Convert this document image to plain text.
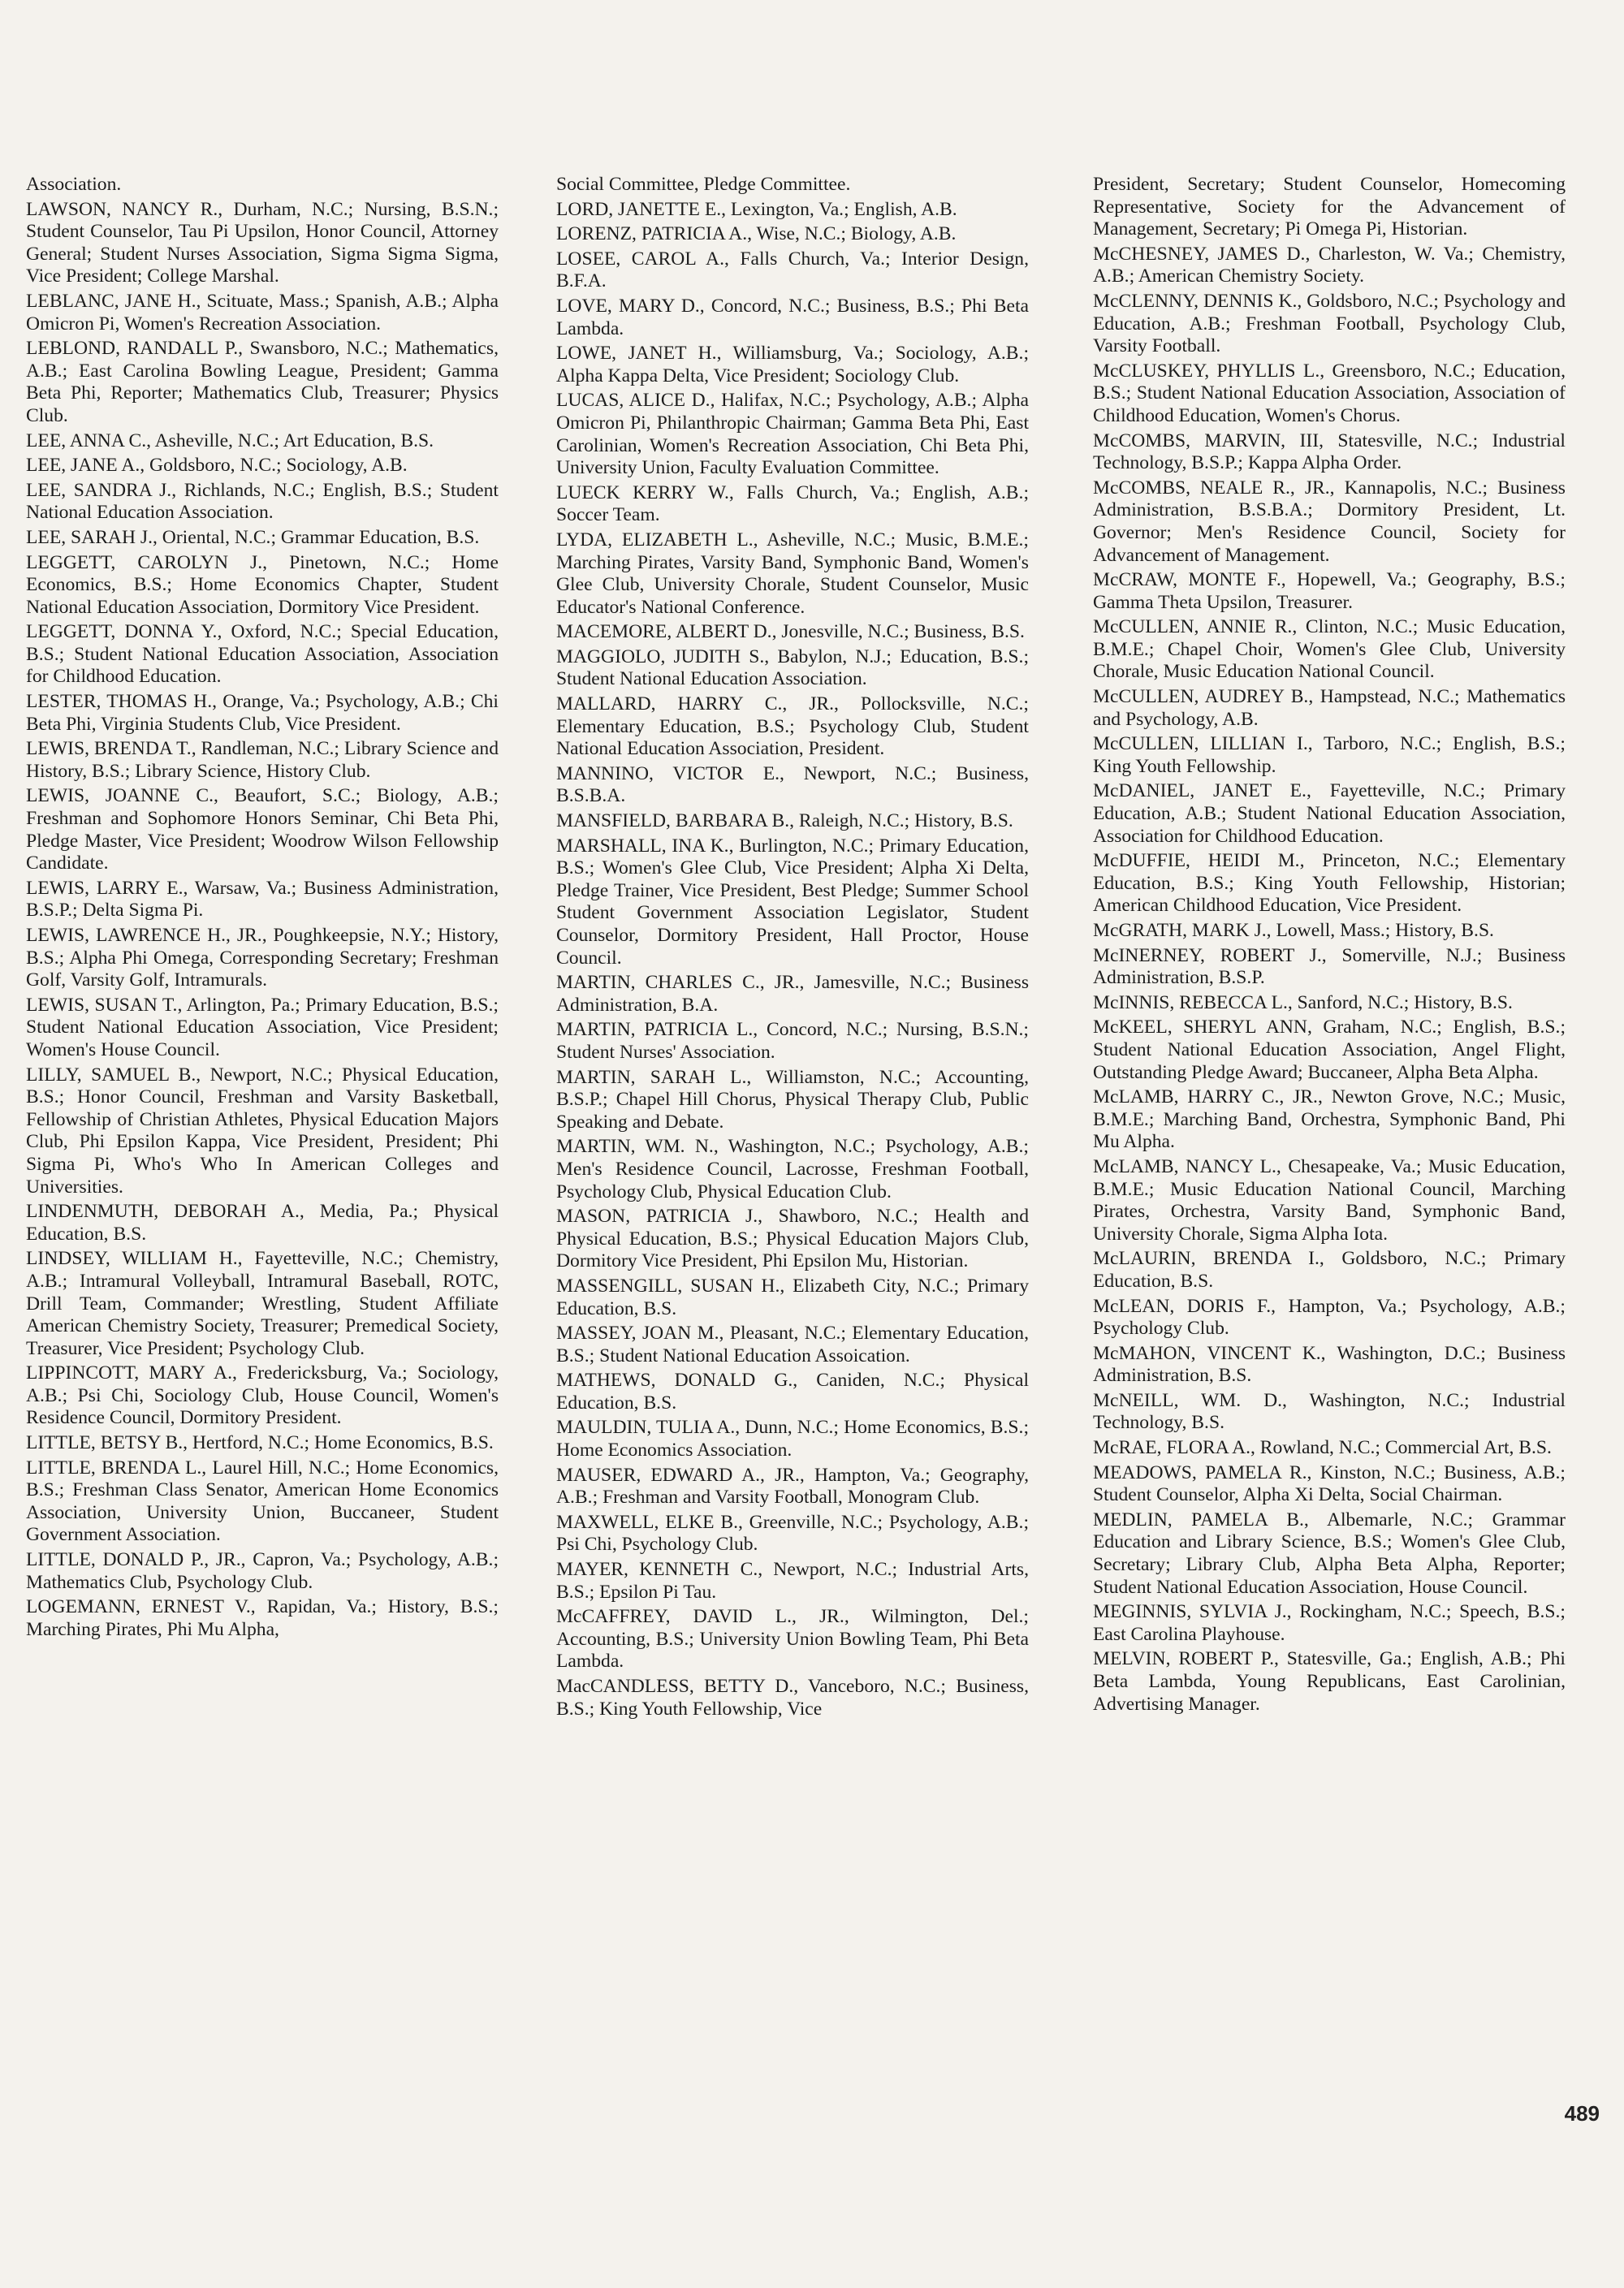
Association.

LAWSON, NANCY R., Durham, N.C.; Nursing, B.S.N.; Student Counselor, Tau Pi Upsilon, Honor Council, Attorney General; Student Nurses Association, Sigma Sigma Sigma, Vice President; College Marshal.

LEBLANC, JANE H., Scituate, Mass.; Spanish, A.B.; Alpha Omicron Pi, Women's Recreation Association.

LEBLOND, RANDALL P., Swansboro, N.C.; Mathematics, A.B.; East Carolina Bowling League, President; Gamma Beta Phi, Reporter; Mathematics Club, Treasurer; Physics Club.

LEE, ANNA C., Asheville, N.C.; Art Education, B.S.

LEE, JANE A., Goldsboro, N.C.; Sociology, A.B.

LEE, SANDRA J., Richlands, N.C.; English, B.S.; Student National Education Association.

LEE, SARAH J., Oriental, N.C.; Grammar Education, B.S.

LEGGETT, CAROLYN J., Pinetown, N.C.; Home Economics, B.S.; Home Economics Chapter, Student National Education Association, Dormitory Vice President.

LEGGETT, DONNA Y., Oxford, N.C.; Special Education, B.S.; Student National Education Association, Association for Childhood Education.

LESTER, THOMAS H., Orange, Va.; Psychology, A.B.; Chi Beta Phi, Virginia Students Club, Vice President.

LEWIS, BRENDA T., Randleman, N.C.; Library Science and History, B.S.; Library Science, History Club.

LEWIS, JOANNE C., Beaufort, S.C.; Biology, A.B.; Freshman and Sophomore Honors Seminar, Chi Beta Phi, Pledge Master, Vice President; Woodrow Wilson Fellowship Candidate.

LEWIS, LARRY E., Warsaw, Va.; Business Administration, B.S.P.; Delta Sigma Pi.

LEWIS, LAWRENCE H., JR., Poughkeepsie, N.Y.; History, B.S.; Alpha Phi Omega, Corresponding Secretary; Freshman Golf, Varsity Golf, Intramurals.

LEWIS, SUSAN T., Arlington, Pa.; Primary Education, B.S.; Student National Education Association, Vice President; Women's House Council.

LILLY, SAMUEL B., Newport, N.C.; Physical Education, B.S.; Honor Council, Freshman and Varsity Basketball, Fellowship of Christian Athletes, Physical Education Majors Club, Phi Epsilon Kappa, Vice President, President; Phi Sigma Pi, Who's Who In American Colleges and Universities.

LINDENMUTH, DEBORAH A., Media, Pa.; Physical Education, B.S.

LINDSEY, WILLIAM H., Fayetteville, N.C.; Chemistry, A.B.; Intramural Volleyball, Intramural Baseball, ROTC, Drill Team, Commander; Wrestling, Student Affiliate American Chemistry Society, Treasurer; Premedical Society, Treasurer, Vice President; Psychology Club.

LIPPINCOTT, MARY A., Fredericksburg, Va.; Sociology, A.B.; Psi Chi, Sociology Club, House Council, Women's Residence Council, Dormitory President.

LITTLE, BETSY B., Hertford, N.C.; Home Economics, B.S.

LITTLE, BRENDA L., Laurel Hill, N.C.; Home Economics, B.S.; Freshman Class Senator, American Home Economics Association, University Union, Buccaneer, Student Government Association.

LITTLE, DONALD P., JR., Capron, Va.; Psychology, A.B.; Mathematics Club, Psychology Club.

LOGEMANN, ERNEST V., Rapidan, Va.; History, B.S.; Marching Pirates, Phi Mu Alpha,

Social Committee, Pledge Committee.

LORD, JANETTE E., Lexington, Va.; English, A.B.

LORENZ, PATRICIA A., Wise, N.C.; Biology, A.B.

LOSEE, CAROL A., Falls Church, Va.; Interior Design, B.F.A.

LOVE, MARY D., Concord, N.C.; Business, B.S.; Phi Beta Lambda.

LOWE, JANET H., Williamsburg, Va.; Sociology, A.B.; Alpha Kappa Delta, Vice President; Sociology Club.

LUCAS, ALICE D., Halifax, N.C.; Psychology, A.B.; Alpha Omicron Pi, Philanthropic Chairman; Gamma Beta Phi, East Carolinian, Women's Recreation Association, Chi Beta Phi, University Union, Faculty Evaluation Committee.

LUECK KERRY W., Falls Church, Va.; English, A.B.; Soccer Team.

LYDA, ELIZABETH L., Asheville, N.C.; Music, B.M.E.; Marching Pirates, Varsity Band, Symphonic Band, Women's Glee Club, University Chorale, Student Counselor, Music Educator's National Conference.

MACEMORE, ALBERT D., Jonesville, N.C.; Business, B.S.

MAGGIOLO, JUDITH S., Babylon, N.J.; Education, B.S.; Student National Education Association.

MALLARD, HARRY C., JR., Pollocksville, N.C.; Elementary Education, B.S.; Psychology Club, Student National Education Association, President.

MANNINO, VICTOR E., Newport, N.C.; Business, B.S.B.A.

MANSFIELD, BARBARA B., Raleigh, N.C.; History, B.S.

MARSHALL, INA K., Burlington, N.C.; Primary Education, B.S.; Women's Glee Club, Vice President; Alpha Xi Delta, Pledge Trainer, Vice President, Best Pledge; Summer School Student Government Association Legislator, Student Counselor, Dormitory President, Hall Proctor, House Council.

MARTIN, CHARLES C., JR., Jamesville, N.C.; Business Administration, B.A.

MARTIN, PATRICIA L., Concord, N.C.; Nursing, B.S.N.; Student Nurses' Association.

MARTIN, SARAH L., Williamston, N.C.; Accounting, B.S.P.; Chapel Hill Chorus, Physical Therapy Club, Public Speaking and Debate.

MARTIN, WM. N., Washington, N.C.; Psychology, A.B.; Men's Residence Council, Lacrosse, Freshman Football, Psychology Club, Physical Education Club.

MASON, PATRICIA J., Shawboro, N.C.; Health and Physical Education, B.S.; Physical Education Majors Club, Dormitory Vice President, Phi Epsilon Mu, Historian.

MASSENGILL, SUSAN H., Elizabeth City, N.C.; Primary Education, B.S.

MASSEY, JOAN M., Pleasant, N.C.; Elementary Education, B.S.; Student National Education Assoication.

MATHEWS, DONALD G., Caniden, N.C.; Physical Education, B.S.

MAULDIN, TULIA A., Dunn, N.C.; Home Economics, B.S.; Home Economics Association.

MAUSER, EDWARD A., JR., Hampton, Va.; Geography, A.B.; Freshman and Varsity Football, Monogram Club.

MAXWELL, ELKE B., Greenville, N.C.; Psychology, A.B.; Psi Chi, Psychology Club.

MAYER, KENNETH C., Newport, N.C.; Industrial Arts, B.S.; Epsilon Pi Tau.

McCAFFREY, DAVID L., JR., Wilmington, Del.; Accounting, B.S.; University Union Bowling Team, Phi Beta Lambda.

MacCANDLESS, BETTY D., Vanceboro, N.C.; Business, B.S.; King Youth Fellowship, Vice

President, Secretary; Student Counselor, Homecoming Representative, Society for the Advancement of Management, Secretary; Pi Omega Pi, Historian.

McCHESNEY, JAMES D., Charleston, W. Va.; Chemistry, A.B.; American Chemistry Society.

McCLENNY, DENNIS K., Goldsboro, N.C.; Psychology and Education, A.B.; Freshman Football, Psychology Club, Varsity Football.

McCLUSKEY, PHYLLIS L., Greensboro, N.C.; Education, B.S.; Student National Education Association, Association of Childhood Education, Women's Chorus.

McCOMBS, MARVIN, III, Statesville, N.C.; Industrial Technology, B.S.P.; Kappa Alpha Order.

McCOMBS, NEALE R., JR., Kannapolis, N.C.; Business Administration, B.S.B.A.; Dormitory President, Lt. Governor; Men's Residence Council, Society for Advancement of Management.

McCRAW, MONTE F., Hopewell, Va.; Geography, B.S.; Gamma Theta Upsilon, Treasurer.

McCULLEN, ANNIE R., Clinton, N.C.; Music Education, B.M.E.; Chapel Choir, Women's Glee Club, University Chorale, Music Education National Council.

McCULLEN, AUDREY B., Hampstead, N.C.; Mathematics and Psychology, A.B.

McCULLEN, LILLIAN I., Tarboro, N.C.; English, B.S.; King Youth Fellowship.

McDANIEL, JANET E., Fayetteville, N.C.; Primary Education, A.B.; Student National Education Association, Association for Childhood Education.

McDUFFIE, HEIDI M., Princeton, N.C.; Elementary Education, B.S.; King Youth Fellowship, Historian; American Childhood Education, Vice President.

McGRATH, MARK J., Lowell, Mass.; History, B.S.

McINERNEY, ROBERT J., Somerville, N.J.; Business Administration, B.S.P.

McINNIS, REBECCA L., Sanford, N.C.; History, B.S.

McKEEL, SHERYL ANN, Graham, N.C.; English, B.S.; Student National Education Association, Angel Flight, Outstanding Pledge Award; Buccaneer, Alpha Beta Alpha.

McLAMB, HARRY C., JR., Newton Grove, N.C.; Music, B.M.E.; Marching Band, Orchestra, Symphonic Band, Phi Mu Alpha.

McLAMB, NANCY L., Chesapeake, Va.; Music Education, B.M.E.; Music Education National Council, Marching Pirates, Orchestra, Varsity Band, Symphonic Band, University Chorale, Sigma Alpha Iota.

McLAURIN, BRENDA I., Goldsboro, N.C.; Primary Education, B.S.

McLEAN, DORIS F., Hampton, Va.; Psychology, A.B.; Psychology Club.

McMAHON, VINCENT K., Washington, D.C.; Business Administration, B.S.

McNEILL, WM. D., Washington, N.C.; Industrial Technology, B.S.

McRAE, FLORA A., Rowland, N.C.; Commercial Art, B.S.

MEADOWS, PAMELA R., Kinston, N.C.; Business, A.B.; Student Counselor, Alpha Xi Delta, Social Chairman.

MEDLIN, PAMELA B., Albemarle, N.C.; Grammar Education and Library Science, B.S.; Women's Glee Club, Secretary; Library Club, Alpha Beta Alpha, Reporter; Student National Education Association, House Council.

MEGINNIS, SYLVIA J., Rockingham, N.C.; Speech, B.S.; East Carolina Playhouse.

MELVIN, ROBERT P., Statesville, Ga.; English, A.B.; Phi Beta Lambda, Young Republicans, East Carolinian, Advertising Manager.

489
